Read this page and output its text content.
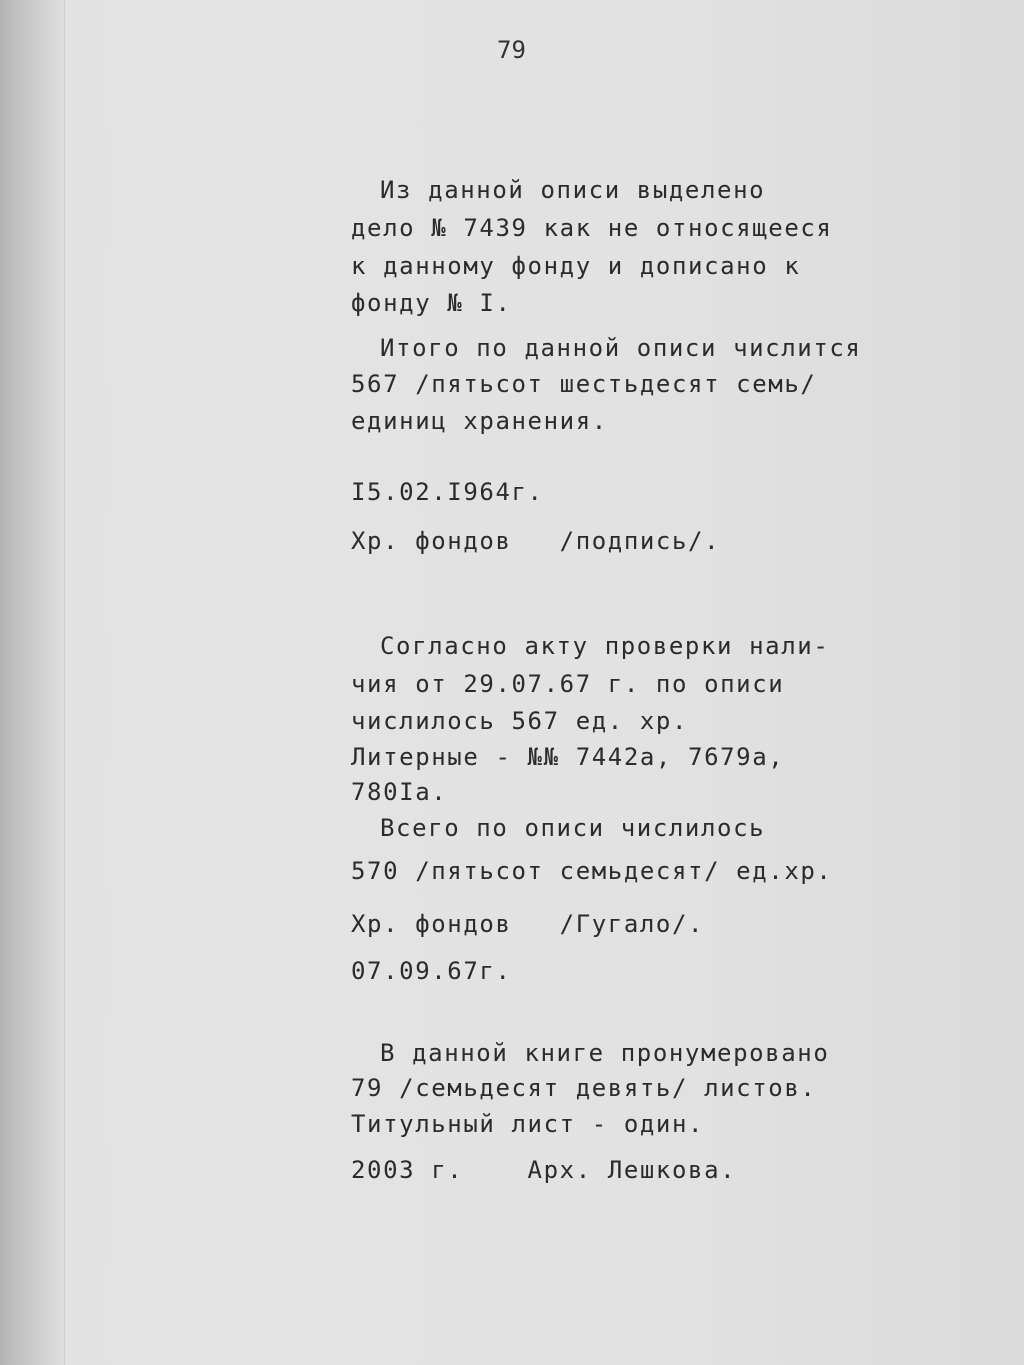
79

Из данной описи выделено

дело № 7439 как не относящееся

к данному фонду и дописано к

фонду № I.

Итого по данной описи числится

567 /пятьсот шестьдесят семь/

единиц хранения.

I5.02.I964г.

Хр. фондов   /подпись/.

Согласно акту проверки нали-

чия от 29.07.67 г. по описи

числилось 567 ед. хр.

Литерные - №№ 7442а, 7679а,

780Iа.

Всего по описи числилось

570 /пятьсот семьдесят/ ед.хр.

Хр. фондов   /Гугало/.

07.09.67г.

В данной книге пронумеровано

79 /семьдесят девять/ листов.

Титульный лист - один.

2003 г.    Арх. Лешкова.
